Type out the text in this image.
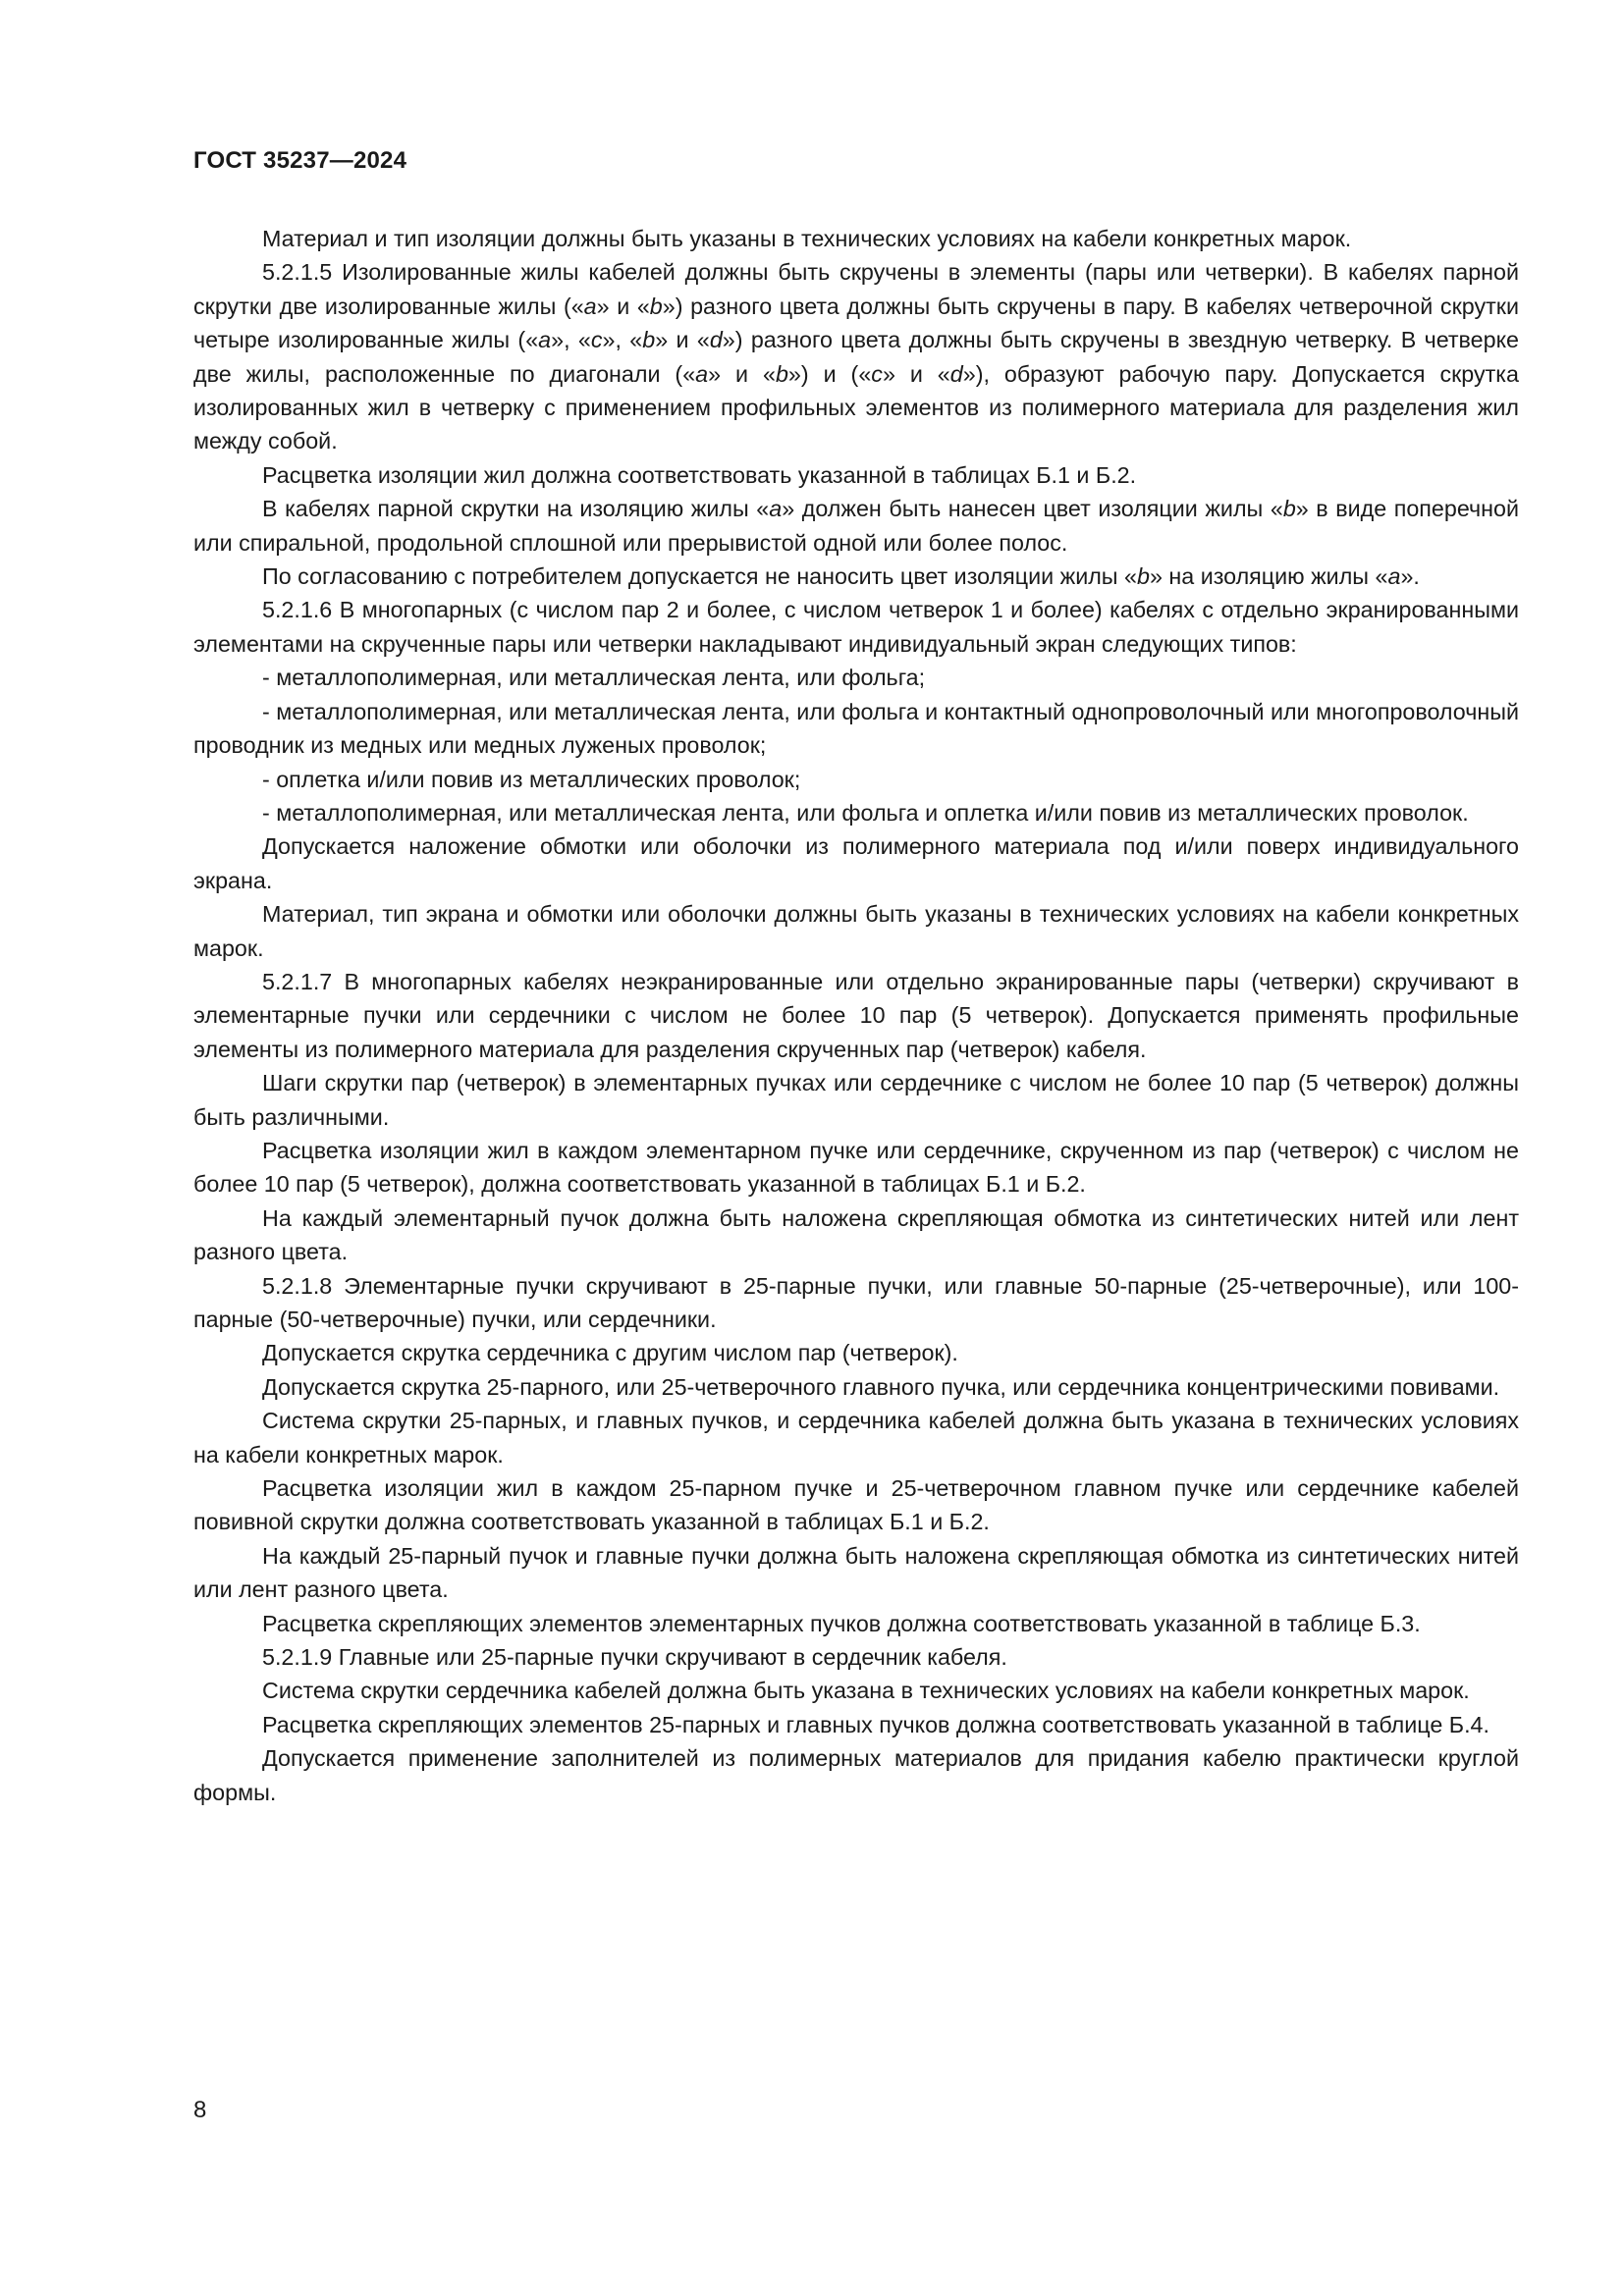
ГОСТ 35237—2024

Материал и тип изоляции должны быть указаны в технических условиях на кабели конкретных марок.

5.2.1.5 Изолированные жилы кабелей должны быть скручены в элементы (пары или четверки). В кабелях парной скрутки две изолированные жилы («a» и «b») разного цвета должны быть скручены в пару. В кабелях четверочной скрутки четыре изолированные жилы («a», «c», «b» и «d») разного цвета должны быть скручены в звездную четверку. В четверке две жилы, расположенные по диагонали («a» и «b») и («c» и «d»), образуют рабочую пару. Допускается скрутка изолированных жил в четверку с применением профильных элементов из полимерного материала для разделения жил между собой.

Расцветка изоляции жил должна соответствовать указанной в таблицах Б.1 и Б.2.

В кабелях парной скрутки на изоляцию жилы «a» должен быть нанесен цвет изоляции жилы «b» в виде поперечной или спиральной, продольной сплошной или прерывистой одной или более полос.

По согласованию с потребителем допускается не наносить цвет изоляции жилы «b» на изоляцию жилы «a».

5.2.1.6 В многопарных (с числом пар 2 и более, с числом четверок 1 и более) кабелях с отдельно экранированными элементами на скрученные пары или четверки накладывают индивидуальный экран следующих типов:

- металлополимерная, или металлическая лента, или фольга;

- металлополимерная, или металлическая лента, или фольга и контактный однопроволочный или многопроволочный проводник из медных или медных луженых проволок;

- оплетка и/или повив из металлических проволок;

- металлополимерная, или металлическая лента, или фольга и оплетка и/или повив из металлических проволок.

Допускается наложение обмотки или оболочки из полимерного материала под и/или поверх индивидуального экрана.

Материал, тип экрана и обмотки или оболочки должны быть указаны в технических условиях на кабели конкретных марок.

5.2.1.7 В многопарных кабелях неэкранированные или отдельно экранированные пары (четверки) скручивают в элементарные пучки или сердечники с числом не более 10 пар (5 четверок). Допускается применять профильные элементы из полимерного материала для разделения скрученных пар (четверок) кабеля.

Шаги скрутки пар (четверок) в элементарных пучках или сердечнике с числом не более 10 пар (5 четверок) должны быть различными.

Расцветка изоляции жил в каждом элементарном пучке или сердечнике, скрученном из пар (четверок) с числом не более 10 пар (5 четверок), должна соответствовать указанной в таблицах Б.1 и Б.2.

На каждый элементарный пучок должна быть наложена скрепляющая обмотка из синтетических нитей или лент разного цвета.

5.2.1.8 Элементарные пучки скручивают в 25-парные пучки, или главные 50-парные (25-четверочные), или 100-парные (50-четверочные) пучки, или сердечники.

Допускается скрутка сердечника с другим числом пар (четверок).

Допускается скрутка 25-парного, или 25-четверочного главного пучка, или сердечника концентрическими повивами.

Система скрутки 25-парных, и главных пучков, и сердечника кабелей должна быть указана в технических условиях на кабели конкретных марок.

Расцветка изоляции жил в каждом 25-парном пучке и 25-четверочном главном пучке или сердечнике кабелей повивной скрутки должна соответствовать указанной в таблицах Б.1 и Б.2.

На каждый 25-парный пучок и главные пучки должна быть наложена скрепляющая обмотка из синтетических нитей или лент разного цвета.

Расцветка скрепляющих элементов элементарных пучков должна соответствовать указанной в таблице Б.3.

5.2.1.9 Главные или 25-парные пучки скручивают в сердечник кабеля.

Система скрутки сердечника кабелей должна быть указана в технических условиях на кабели конкретных марок.

Расцветка скрепляющих элементов 25-парных и главных пучков должна соответствовать указанной в таблице Б.4.

Допускается применение заполнителей из полимерных материалов для придания кабелю практически круглой формы.

8
